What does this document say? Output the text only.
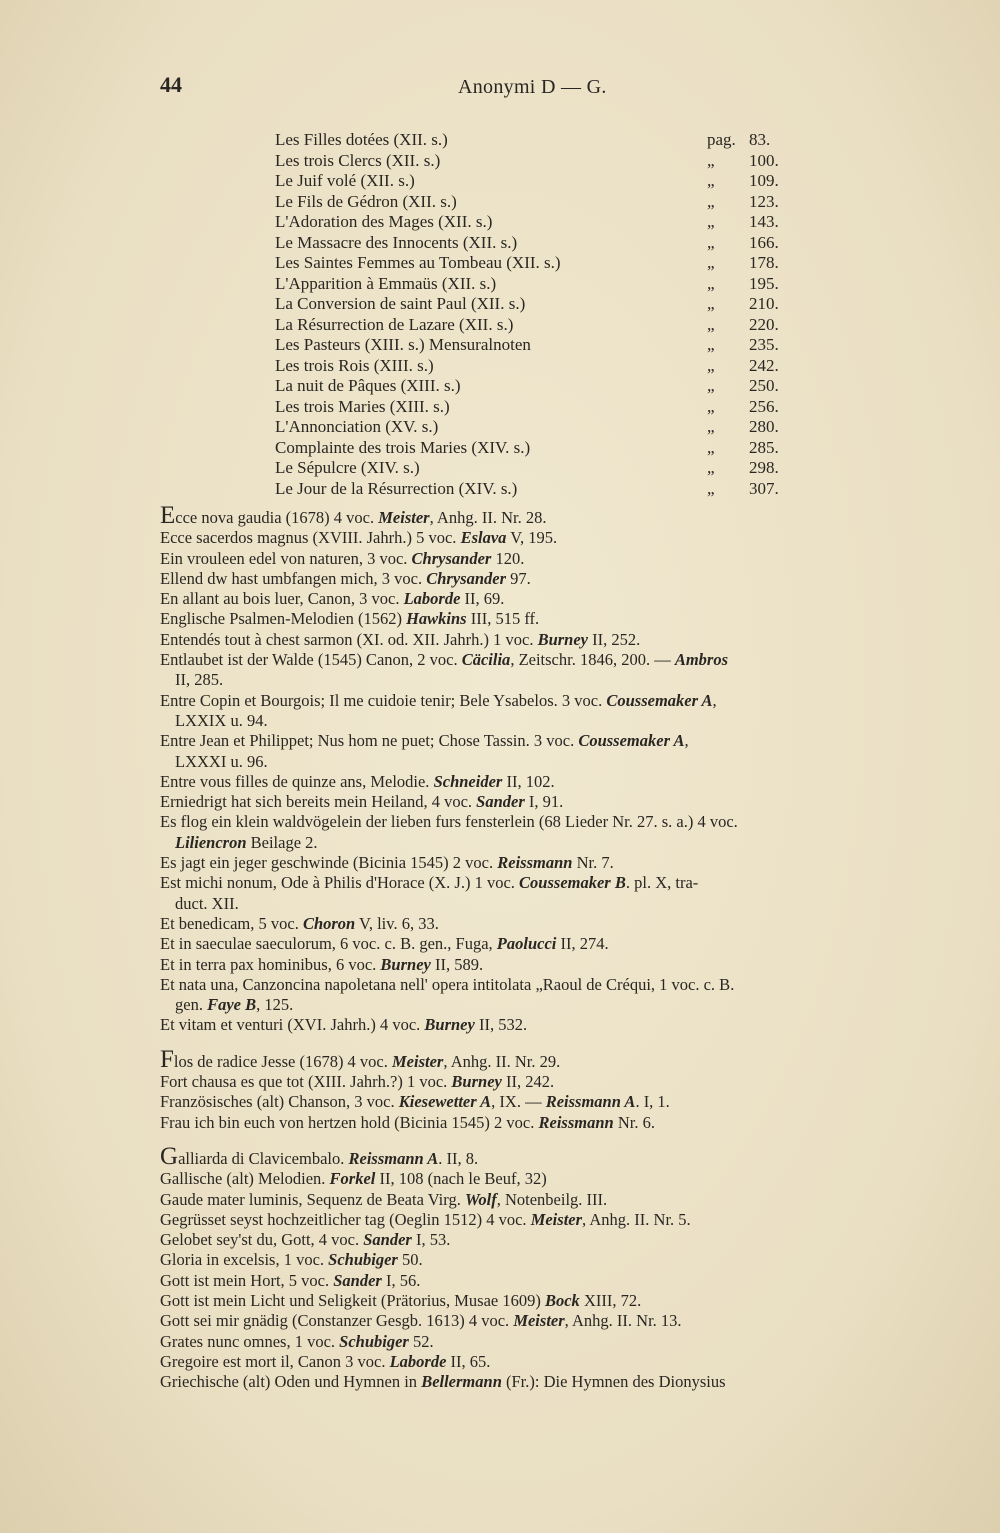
44	Anonymi D — G.
Les Filles dotées (XII. s.)	pag. 83.
Les trois Clercs (XII. s.)	„ 100.
Le Juif volé (XII. s.)	„ 109.
Le Fils de Gédron (XII. s.)	„ 123.
L'Adoration des Mages (XII. s.)	„ 143.
Le Massacre des Innocents (XII. s.)	„ 166.
Les Saintes Femmes au Tombeau (XII. s.)	„ 178.
L'Apparition à Emmaüs (XII. s.)	„ 195.
La Conversion de saint Paul (XII. s.)	„ 210.
La Résurrection de Lazare (XII. s.)	„ 220.
Les Pasteurs (XIII. s.) Mensuralnoten	„ 235.
Les trois Rois (XIII. s.)	„ 242.
La nuit de Pâques (XIII. s.)	„ 250.
Les trois Maries (XIII. s.)	„ 256.
L'Annonciation (XV. s.)	„ 280.
Complainte des trois Maries (XIV. s.)	„ 285.
Le Sépulcre (XIV. s.)	„ 298.
Le Jour de la Résurrection (XIV. s.)	„ 307.
Ecce nova gaudia (1678) 4 voc. Meister, Anhg. II. Nr. 28.
Ecce sacerdos magnus (XVIII. Jahrh.) 5 voc. Eslava V, 195.
Ein vrouleen edel von naturen, 3 voc. Chrysander 120.
Ellend dw hast umbfangen mich, 3 voc. Chrysander 97.
En allant au bois luer, Canon, 3 voc. Laborde II, 69.
Englische Psalmen-Melodien (1562) Hawkins III, 515 ff.
Entendés tout à chest sarmon (XI. od. XII. Jahrh.) 1 voc. Burney II, 252.
Entlaubet ist der Walde (1545) Canon, 2 voc. Cäcilia, Zeitschr. 1846, 200. — Ambros
II, 285.
Entre Copin et Bourgois; Il me cuidoie tenir; Bele Ysabelos. 3 voc. Coussemaker A,
LXXIX u. 94.
Entre Jean et Philippet; Nus hom ne puet; Chose Tassin. 3 voc. Coussemaker A,
LXXXI u. 96.
Entre vous filles de quinze ans, Melodie. Schneider II, 102.
Erniedrigt hat sich bereits mein Heiland, 4 voc. Sander I, 91.
Es flog ein klein waldvögelein der lieben furs fensterlein (68 Lieder Nr. 27. s. a.) 4 voc.
Liliencron Beilage 2.
Es jagt ein jeger geschwinde (Bicinia 1545) 2 voc. Reissmann Nr. 7.
Est michi nonum, Ode à Philis d'Horace (X. J.) 1 voc. Coussemaker B. pl. X, tra-
duct. XII.
Et benedicam, 5 voc. Choron V, liv. 6, 33.
Et in saeculae saeculorum, 6 voc. c. B. gen., Fuga, Paolucci II, 274.
Et in terra pax hominibus, 6 voc. Burney II, 589.
Et nata una, Canzoncina napoletana nell' opera intitolata „Raoul de Créqui, 1 voc. c. B.
gen. Faye B, 125.
Et vitam et venturi (XVI. Jahrh.) 4 voc. Burney II, 532.
Flos de radice Jesse (1678) 4 voc. Meister, Anhg. II. Nr. 29.
Fort chausa es que tot (XIII. Jahrh.?) 1 voc. Burney II, 242.
Französisches (alt) Chanson, 3 voc. Kiesewetter A, IX. — Reissmann A. I, 1.
Frau ich bin euch von hertzen hold (Bicinia 1545) 2 voc. Reissmann Nr. 6.
Galliarda di Clavicembalo. Reissmann A. II, 8.
Gallische (alt) Melodien. Forkel II, 108 (nach le Beuf, 32)
Gaude mater luminis, Sequenz de Beata Virg. Wolf, Notenbeilg. III.
Gegrüsset seyst hochzeitlicher tag (Oeglin 1512) 4 voc. Meister, Anhg. II. Nr. 5.
Gelobet sey'st du, Gott, 4 voc. Sander I, 53.
Gloria in excelsis, 1 voc. Schubiger 50.
Gott ist mein Hort, 5 voc. Sander I, 56.
Gott ist mein Licht und Seligkeit (Prätorius, Musae 1609) Bock XIII, 72.
Gott sei mir gnädig (Constanzer Gesgb. 1613) 4 voc. Meister, Anhg. II. Nr. 13.
Grates nunc omnes, 1 voc. Schubiger 52.
Gregoire est mort il, Canon 3 voc. Laborde II, 65.
Griechische (alt) Oden und Hymnen in Bellermann (Fr.): Die Hymnen des Dionysius
